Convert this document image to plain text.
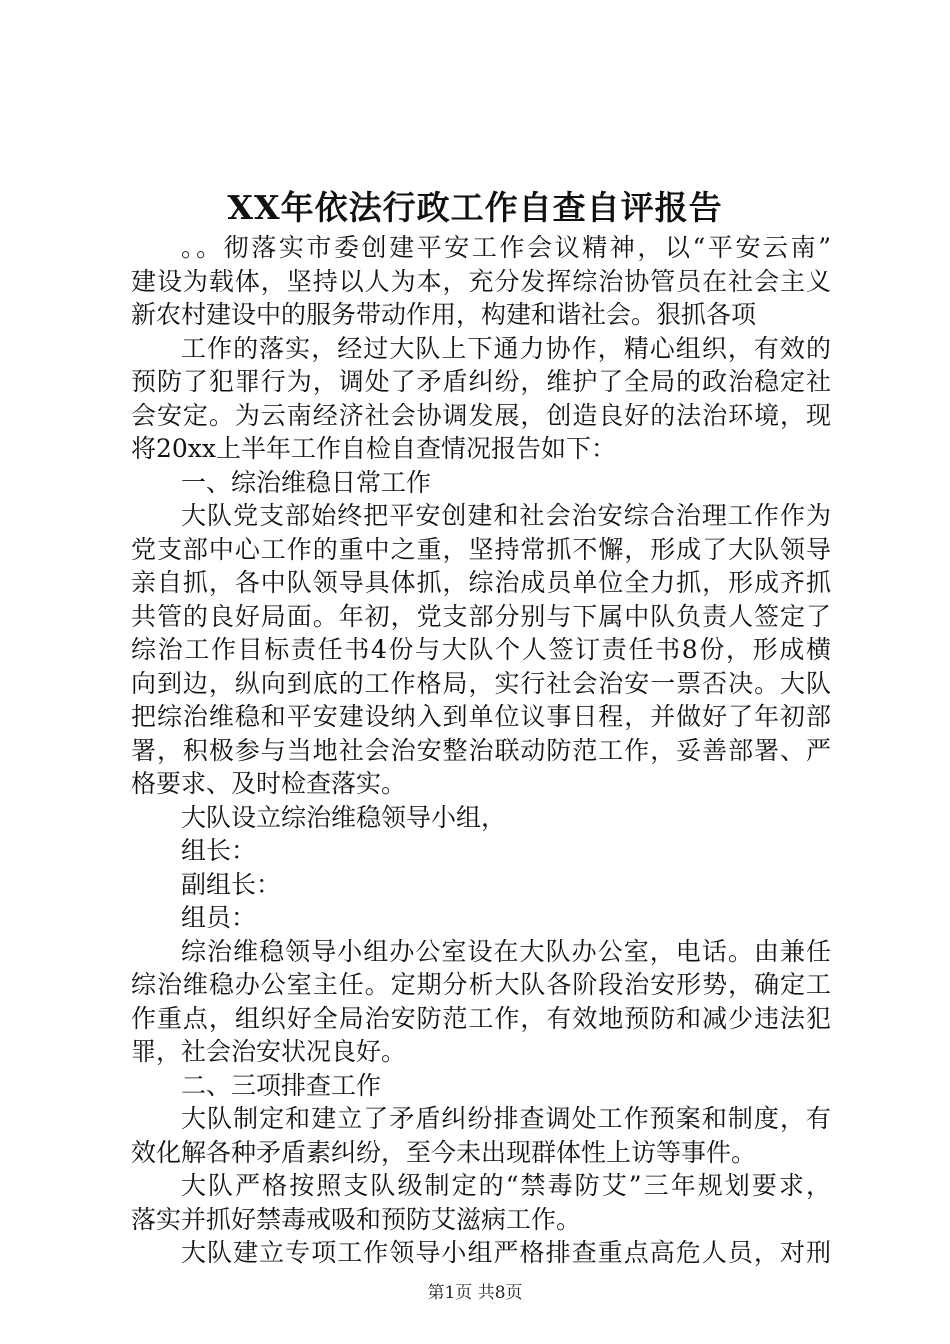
XX年依法行政工作自查自评报告
。。彻落实市委创建平安工作会议精神，以“平安云南”
建设为载体，坚持以人为本，充分发挥综治协管员在社会主义
新农村建设中的服务带动作用，构建和谐社会。狠抓各项
工作的落实，经过大队上下通力协作，精心组织，有效的
预防了犯罪行为，调处了矛盾纠纷，维护了全局的政治稳定社
会安定。为云南经济社会协调发展，创造良好的法治环境，现
将20xx上半年工作自检自查情况报告如下：
一、综治维稳日常工作
大队党支部始终把平安创建和社会治安综合治理工作作为
党支部中心工作的重中之重，坚持常抓不懈，形成了大队领导
亲自抓，各中队领导具体抓，综治成员单位全力抓，形成齐抓
共管的良好局面。年初，党支部分别与下属中队负责人签定了
综治工作目标责任书4份与大队个人签订责任书8份，形成横
向到边，纵向到底的工作格局，实行社会治安一票否决。大队
把综治维稳和平安建设纳入到单位议事日程，并做好了年初部
署，积极参与当地社会治安整治联动防范工作，妥善部署、严
格要求、及时检查落实。
大队设立综治维稳领导小组，
组长：
副组长：
组员：
综治维稳领导小组办公室设在大队办公室，电话。由兼任
综治维稳办公室主任。定期分析大队各阶段治安形势，确定工
作重点，组织好全局治安防范工作，有效地预防和减少违法犯
罪，社会治安状况良好。
二、三项排查工作
大队制定和建立了矛盾纠纷排查调处工作预案和制度，有
效化解各种矛盾素纠纷，至今未出现群体性上访等事件。
大队严格按照支队级制定的“禁毒防艾”三年规划要求，
落实并抓好禁毒戒吸和预防艾滋病工作。
大队建立专项工作领导小组严格排查重点高危人员，对刑
第1页 共8页
